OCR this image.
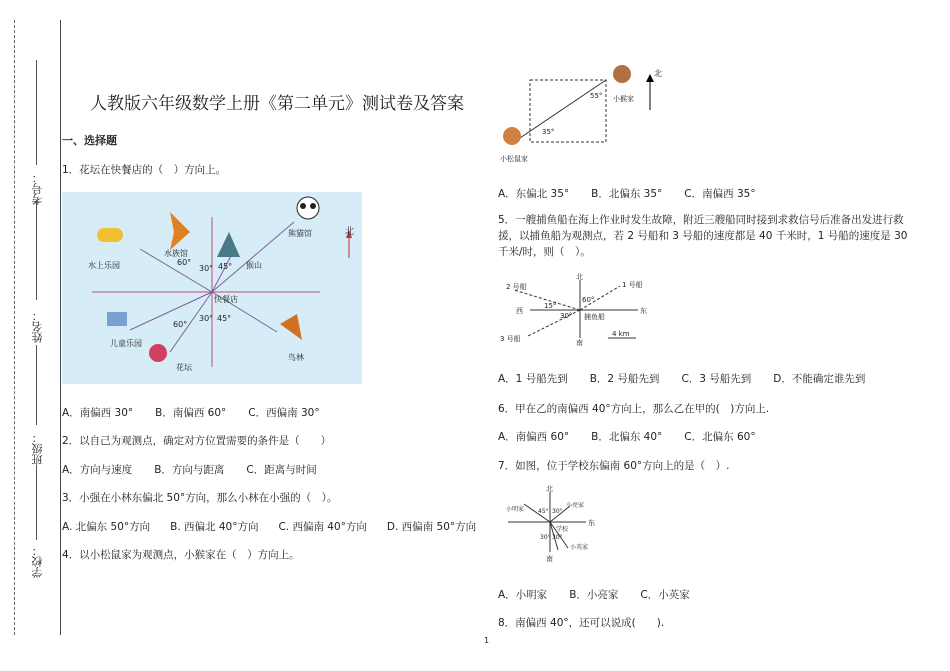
考号：
姓名：
班级：
学校：
人教版六年级数学上册《第二单元》测试卷及答案
一、选择题
1．花坛在快餐店的（　）方向上。
水上乐园
水族馆
猴山
熊猫馆
快餐店
儿童乐园
花坛
鸟林
60°
30° 45°
60°
30° 45°
北
A．南偏西 30° B．南偏西 60° C．西偏南 30°
2．以自己为观测点，确定对方位置需要的条件是（　　）
A．方向与速度 B．方向与距离 C．距离与时间
3．小强在小林东偏北 50°方向，那么小林在小强的（　）。
A. 北偏东 50°方向 B. 西偏北 40°方向 C. 西偏南 40°方向 D. 西偏南 50°方向
4．以小松鼠家为观测点，小猴家在（　）方向上。
小猴家
小松鼠家
北
55°
35°
A．东偏北 35° B．北偏东 35° C．南偏西 35°
5．一艘捕鱼船在海上作业时发生故障，附近三艘船同时接到求救信号后准备出发进行救援，以捕鱼船为观测点，若 2 号船和 3 号船的速度都是 40 千米时，1 号船的速度是 30 千米/时，则（　）。
北
南
西	东
1 号船
2 号船
3 号船
捕鱼船
60°
15°
30°
4 km
A．1 号船先到 B．2 号船先到 C．3 号船先到 D．不能确定谁先到
6．甲在乙的南偏西 40°方向上，那么乙在甲的(　)方向上.
A．南偏西 60° B．北偏东 40° C．北偏东 60°
7．如图，位于学校东偏南 60°方向上的是（　）.
北
南
东
学校
小明家
小亮家
小英家
45° 30°
30°
30°
A．小明家 B．小亮家 C．小英家
8．南偏西 40°，还可以说成(　　).
1
